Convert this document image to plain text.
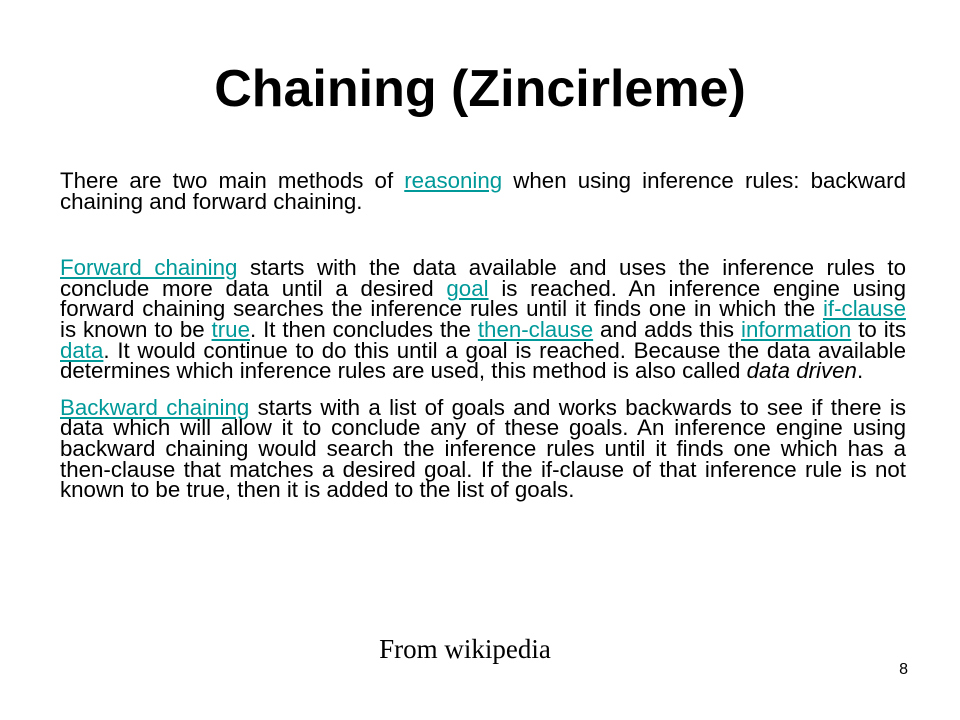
Chaining (Zincirleme)

There are two main methods of reasoning when using inference rules: backward chaining and forward chaining.

Forward chaining starts with the data available and uses the inference rules to conclude more data until a desired goal is reached. An inference engine using forward chaining searches the inference rules until it finds one in which the if-clause is known to be true. It then concludes the then-clause and adds this information to its data. It would continue to do this until a goal is reached. Because the data available determines which inference rules are used, this method is also called data driven.

Backward chaining starts with a list of goals and works backwards to see if there is data which will allow it to conclude any of these goals. An inference engine using backward chaining would search the inference rules until it finds one which has a then-clause that matches a desired goal. If the if-clause of that inference rule is not known to be true, then it is added to the list of goals.

From wikipedia
8
